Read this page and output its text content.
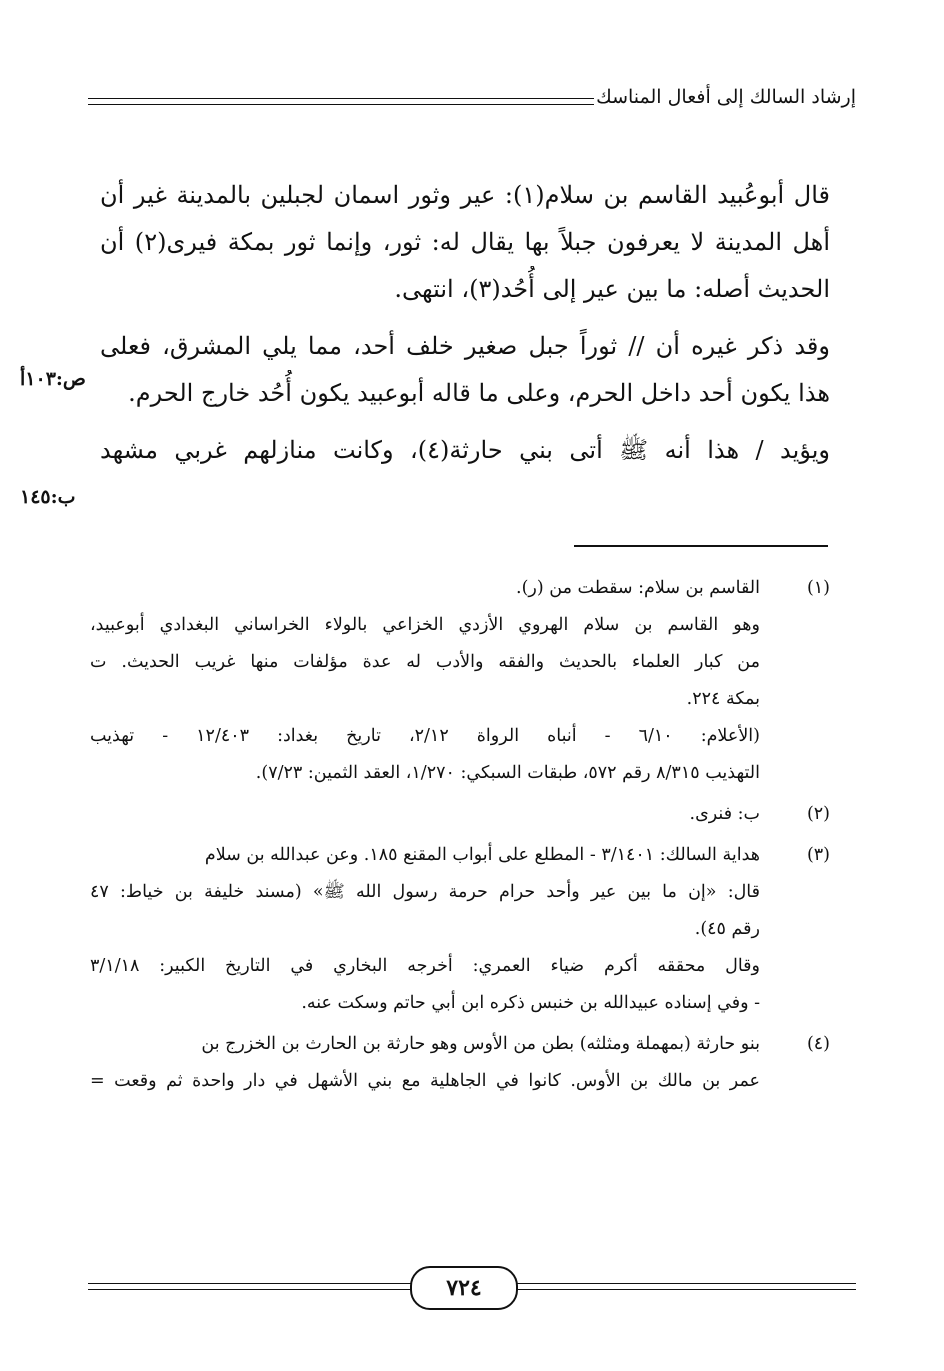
إرشاد السالك إلى أفعال المناسك
قال أبوعُبيد القاسم بن سلام(١): عير وثور اسمان لجبلين بالمدينة غير أن
أهل المدينة لا يعرفون جبلاً بها يقال له: ثور، وإنما ثور بمكة فيرى(٢) أن
الحديث أصله: ما بين عير إلى أُحُد(٣)، انتهى.
وقد ذكر غيره أن // ثوراً جبل صغير خلف أحد، مما يلي المشرق، فعلى
هذا يكون أحد داخل الحرم، وعلى ما قاله أبوعبيد يكون أُحُد خارج الحرم.
ويؤيد / هذا أنه ﷺ أتى بني حارثة(٤)، وكانت منازلهم غربي مشهد
ص:١٠٣أ
ب:١٤٥
(١)القاسم بن سلام: سقطت من (ر).
وهو القاسم بن سلام الهروي الأزدي الخزاعي بالولاء الخراساني البغدادي أبوعبيد،
من كبار العلماء بالحديث والفقه والأدب له عدة مؤلفات منها غريب الحديث. ت
بمكة ٢٢٤.
(الأعلام: ٦/١٠ - أنباه الرواة ٢/١٢، تاريخ بغداد: ١٢/٤٠٣ - تهذيب
التهذيب ٨/٣١٥ رقم ٥٧٢، طبقات السبكي: ١/٢٧٠، العقد الثمين: ٧/٢٣).
(٢)ب: فنرى.
(٣)هداية السالك: ٣/١٤٠١ - المطلع على أبواب المقنع ١٨٥. وعن عبدالله بن سلام
قال: «إن ما بين عير وأحد حرام حرمة رسول الله ﷺ» (مسند خليفة بن خياط: ٤٧
رقم ٤٥).
وقال محققه أكرم ضياء العمري: أخرجه البخاري في التاريخ الكبير: ٣/١/١٨
- وفي إسناده عبيدالله بن خنبس ذكره ابن أبي حاتم وسكت عنه.
(٤)بنو حارثة (بمهملة ومثلثه) بطن من الأوس وهو حارثة بن الحارث بن الخزرج بن
عمر بن مالك بن الأوس. كانوا في الجاهلية مع بني الأشهل في دار واحدة ثم وقعت =
٧٢٤
